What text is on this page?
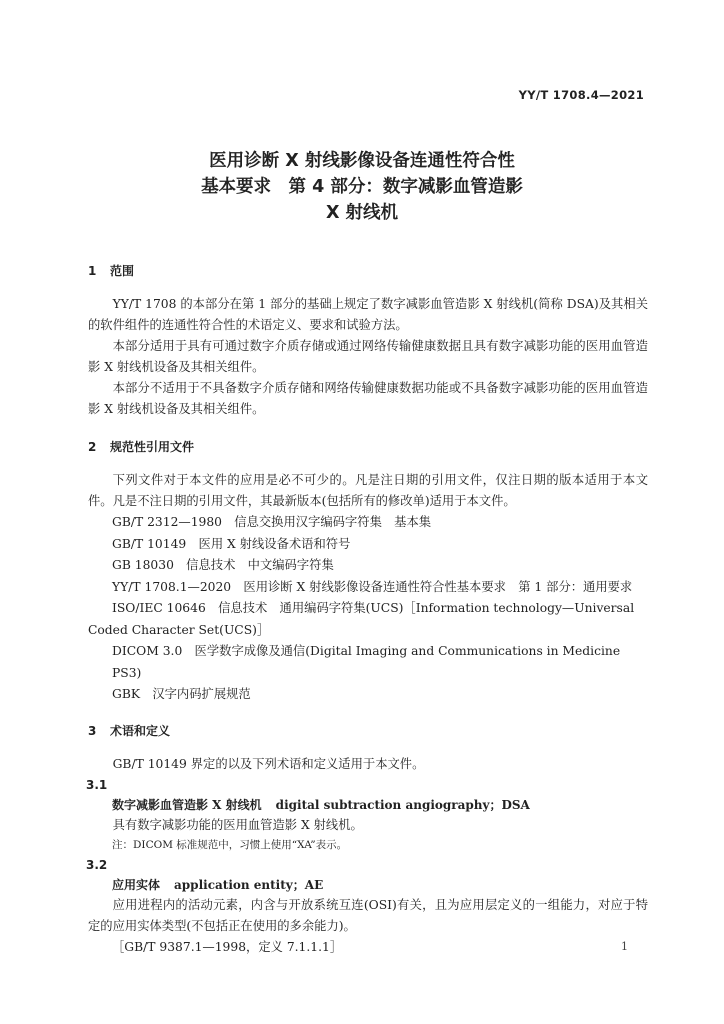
YY/T 1708.4—2021
医用诊断 X 射线影像设备连通性符合性
基本要求　第 4 部分：数字减影血管造影
X 射线机
1 范围
YY/T 1708 的本部分在第 1 部分的基础上规定了数字减影血管造影 X 射线机(简称 DSA)及其相关的软件组件的连通性符合性的术语定义、要求和试验方法。
本部分适用于具有可通过数字介质存储或通过网络传输健康数据且具有数字减影功能的医用血管造影 X 射线机设备及其相关组件。
本部分不适用于不具备数字介质存储和网络传输健康数据功能或不具备数字减影功能的医用血管造影 X 射线机设备及其相关组件。
2 规范性引用文件
下列文件对于本文件的应用是必不可少的。凡是注日期的引用文件，仅注日期的版本适用于本文件。凡是不注日期的引用文件，其最新版本(包括所有的修改单)适用于本文件。
GB/T 2312—1980　信息交换用汉字编码字符集　基本集
GB/T 10149　医用 X 射线设备术语和符号
GB 18030　信息技术　中文编码字符集
YY/T 1708.1—2020　医用诊断 X 射线影像设备连通性符合性基本要求　第 1 部分：通用要求
ISO/IEC 10646　信息技术　通用编码字符集(UCS)［Information technology—Universal Coded Character Set(UCS)］
DICOM 3.0　医学数字成像及通信(Digital Imaging and Communications in Medicine PS3)
GBK　汉字内码扩展规范
3 术语和定义
GB/T 10149 界定的以及下列术语和定义适用于本文件。
3.1
数字减影血管造影 X 射线机 digital subtraction angiography；DSA
具有数字减影功能的医用血管造影 X 射线机。
注：DICOM 标准规范中，习惯上使用“XA”表示。
3.2
应用实体 application entity；AE
应用进程内的活动元素，内含与开放系统互连(OSI)有关，且为应用层定义的一组能力，对应于特定的应用实体类型(不包括正在使用的多余能力)。
［GB/T 9387.1—1998，定义 7.1.1.1］	1
